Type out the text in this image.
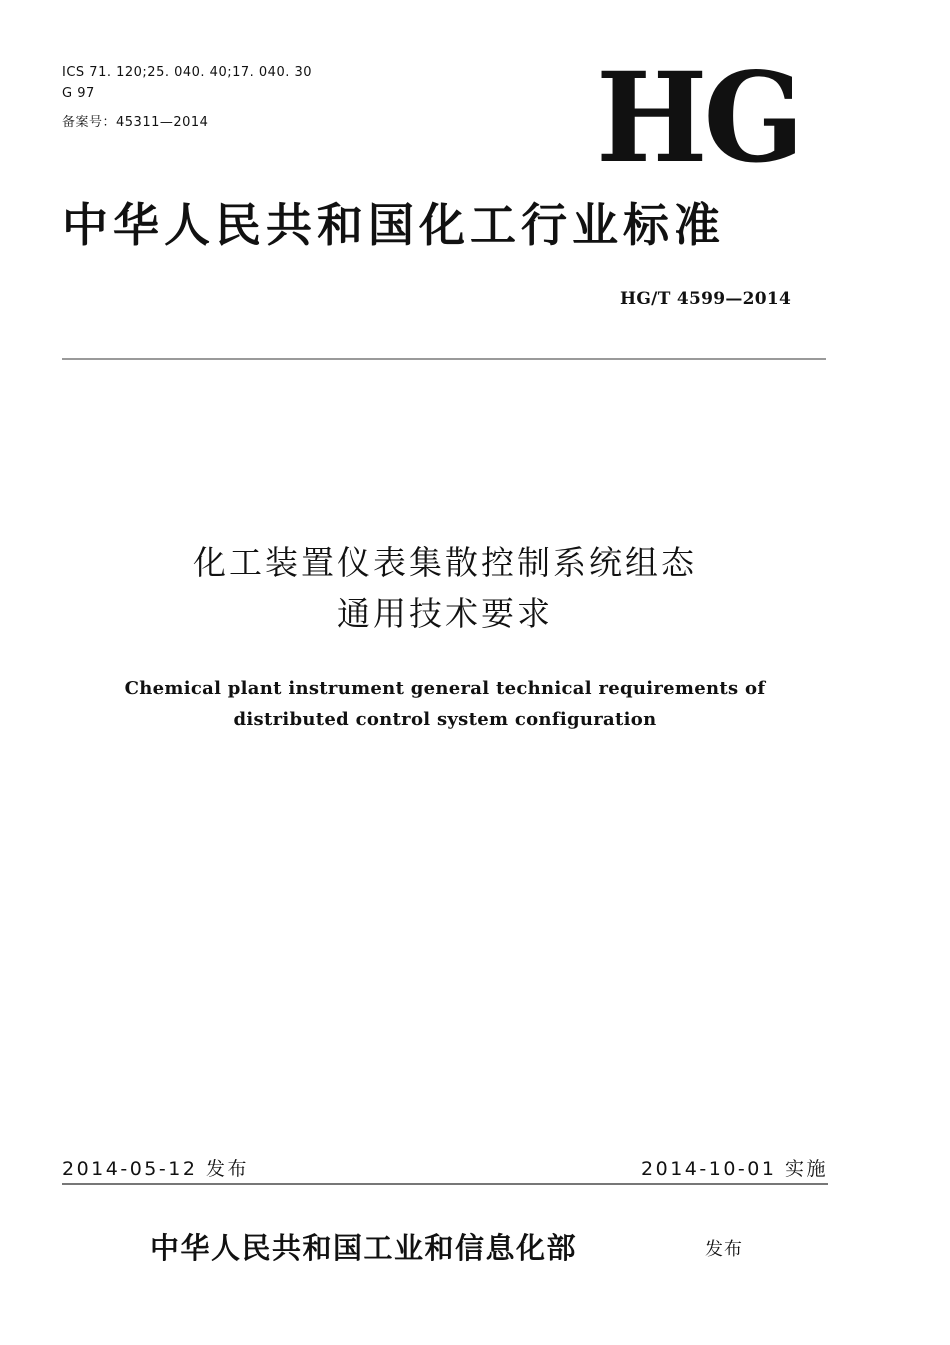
ICS 71. 120;25. 040. 40;17. 040. 30
G 97
备案号：45311—2014	HG
中华人民共和国化工行业标准
HG/T 4599—2014
化工装置仪表集散控制系统组态
通用技术要求
Chemical plant instrument general technical requirements of
distributed control system configuration
2014-05-12 发布	2014-10-01 实施
中华人民共和国工业和信息化部	发布
